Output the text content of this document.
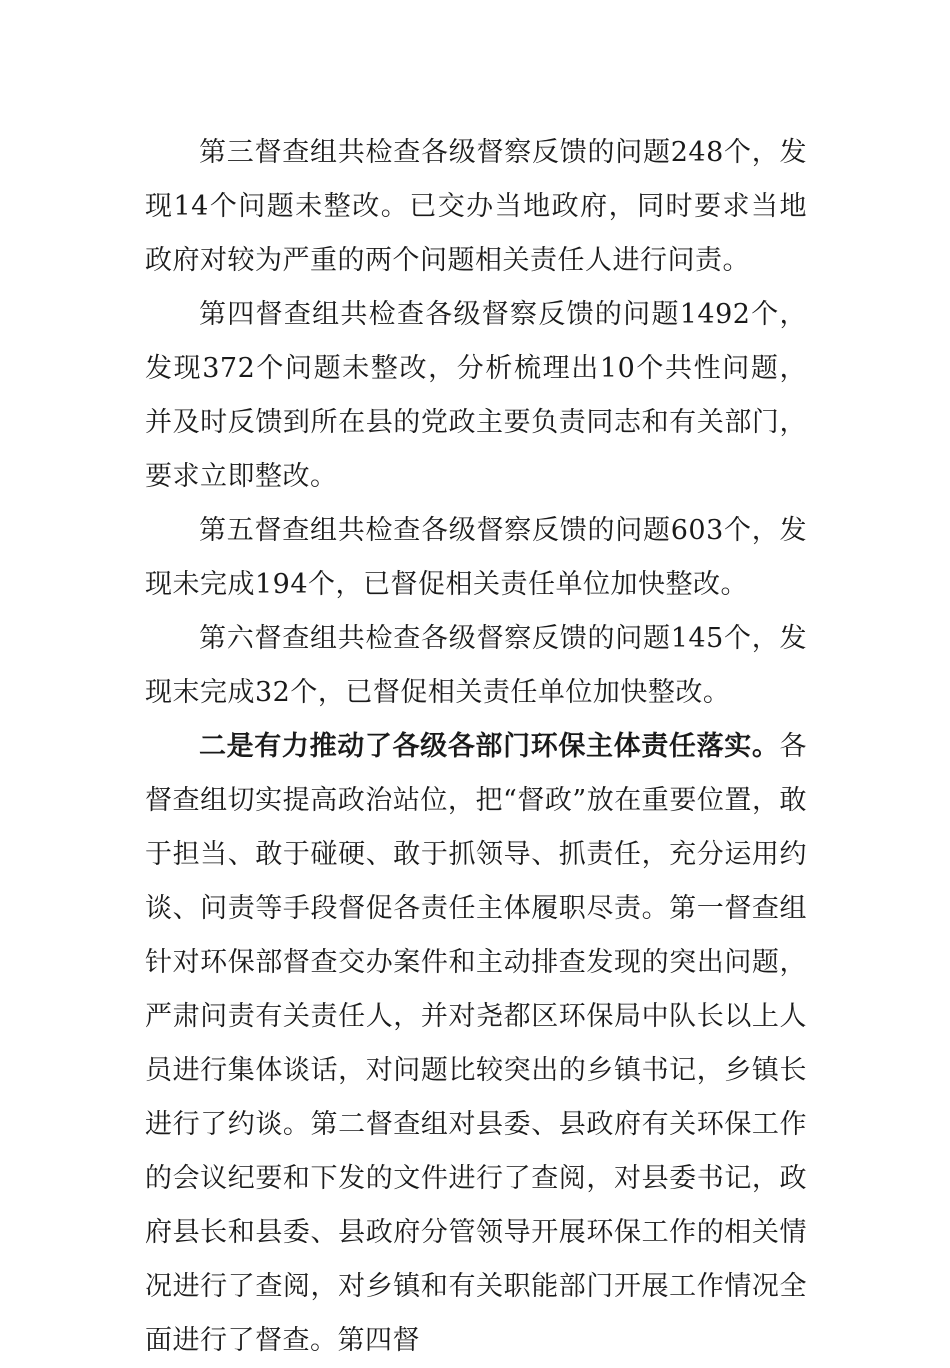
第三督查组共检查各级督察反馈的问题248个，发现14个问题未整改。已交办当地政府，同时要求当地政府对较为严重的两个问题相关责任人进行问责。

第四督查组共检查各级督察反馈的问题1492个，发现372个问题未整改，分析梳理出10个共性问题，并及时反馈到所在县的党政主要负责同志和有关部门，要求立即整改。

第五督查组共检查各级督察反馈的问题603个，发现未完成194个，已督促相关责任单位加快整改。

第六督查组共检查各级督察反馈的问题145个，发现末完成32个，已督促相关责任单位加快整改。

二是有力推动了各级各部门环保主体责任落实。各督查组切实提高政治站位，把“督政”放在重要位置，敢于担当、敢于碰硬、敢于抓领导、抓责任，充分运用约谈、问责等手段督促各责任主体履职尽责。第一督查组针对环保部督查交办案件和主动排查发现的突出问题，严肃问责有关责任人，并对尧都区环保局中队长以上人员进行集体谈话，对问题比较突出的乡镇书记，乡镇长进行了约谈。第二督查组对县委、县政府有关环保工作的会议纪要和下发的文件进行了查阅，对县委书记，政府县长和县委、县政府分管领导开展环保工作的相关情况进行了查阅，对乡镇和有关职能部门开展工作情况全面进行了督查。第四督
